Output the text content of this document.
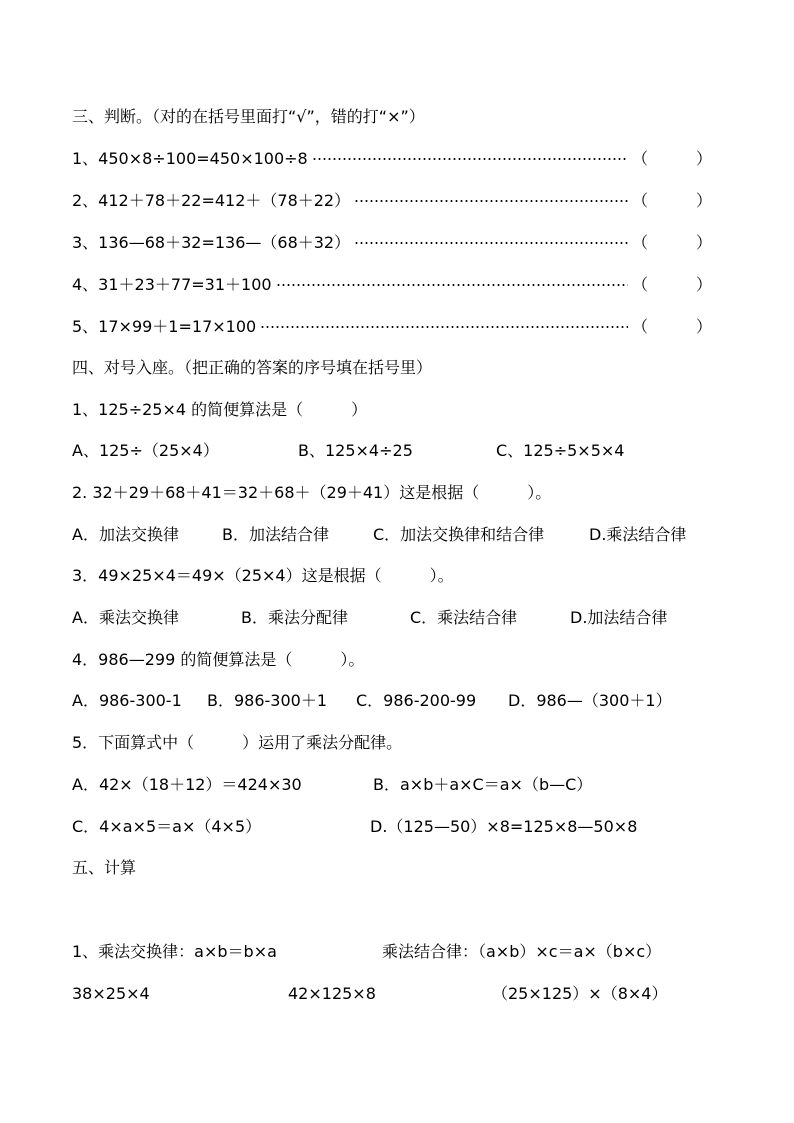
三、判断。（对的在括号里面打“√”，错的打“×”）
1、450×8÷100=450×100÷8	（　　　）
2、412＋78＋22=412＋（78＋22）	（　　　）
3、136—68＋32=136—（68＋32）	（　　　）
4、31＋23＋77=31＋100	（　　　）
5、17×99＋1=17×100	（　　　）
四、对号入座。（把正确的答案的序号填在括号里）
1、125÷25×4 的简便算法是（　　　）
A、125÷（25×4）	B、125×4÷25	C、125÷5×5×4
2. 32＋29＋68＋41＝32＋68＋（29＋41）这是根据（　　　）。
A．加法交换律	B．加法结合律	C．加法交换律和结合律	D.乘法结合律
3．49×25×4＝49×（25×4）这是根据（　　　）。
A．乘法交换律	B．乘法分配律	C．乘法结合律	D.加法结合律
4．986—299 的简便算法是（　　　）。
A．986-300-1 B．986-300＋1 C．986-200-99 D．986—（300＋1）
5．下面算式中（　　　）运用了乘法分配律。
A．42×（18＋12）＝424×30	B．a×b＋a×C＝a×（b—C）
C．4×a×5＝a×（4×5）	D.（125—50）×8=125×8—50×8
五、计算
1、乘法交换律：a×b＝b×a	乘法结合律：（a×b）×c＝a×（b×c）
38×25×4	42×125×8	（25×125）×（8×4）
